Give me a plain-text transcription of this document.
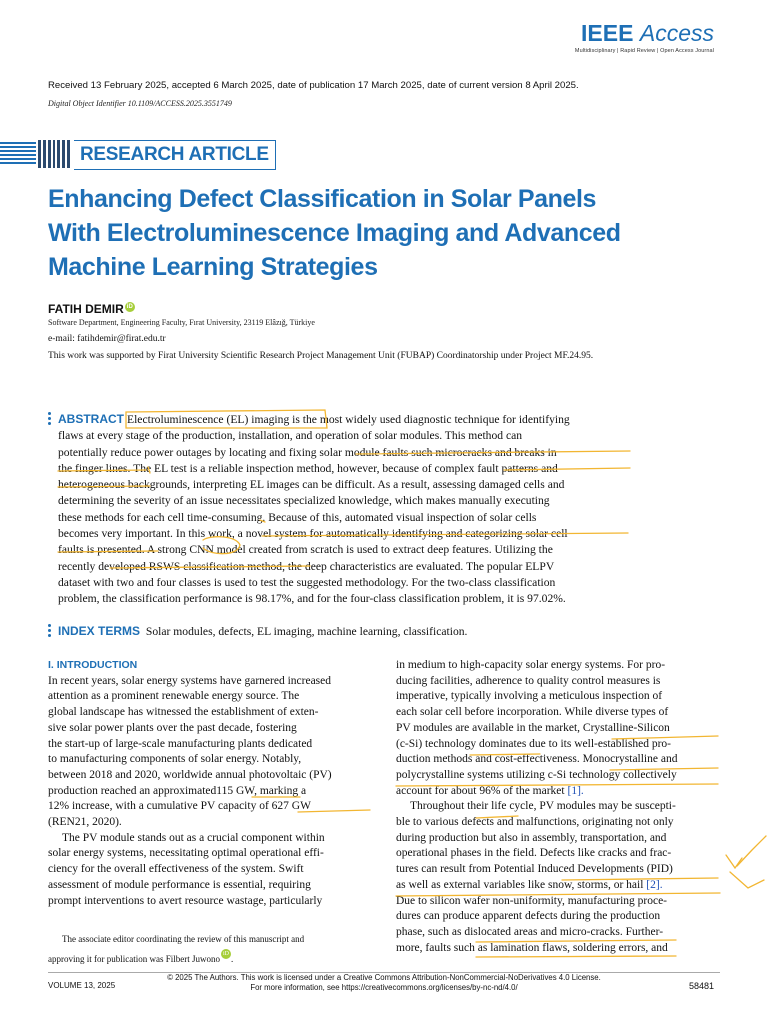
IEEE Access
Multidisciplinary | Rapid Review | Open Access Journal
Received 13 February 2025, accepted 6 March 2025, date of publication 17 March 2025, date of current version 8 April 2025.
Digital Object Identifier 10.1109/ACCESS.2025.3551749
RESEARCH ARTICLE
Enhancing Defect Classification in Solar Panels
With Electroluminescence Imaging and Advanced
Machine Learning Strategies
FATIH DEMIR iD
Software Department, Engineering Faculty, Fırat University, 23119 Elâzığ, Türkiye
e-mail: fatihdemir@firat.edu.tr
This work was supported by Firat University Scientific Research Project Management Unit (FUBAP) Coordinatorship under Project MF.24.95.
ABSTRACT Electroluminescence (EL) imaging is the most widely used diagnostic technique for identifying
flaws at every stage of the production, installation, and operation of solar modules. This method can
potentially reduce power outages by locating and fixing solar module faults such microcracks and breaks in
the finger lines. The EL test is a reliable inspection method, however, because of complex fault patterns and
heterogeneous backgrounds, interpreting EL images can be difficult. As a result, assessing damaged cells and
determining the severity of an issue necessitates specialized knowledge, which makes manually executing
these methods for each cell time-consuming. Because of this, automated visual inspection of solar cells
becomes very important. In this work, a novel system for automatically identifying and categorizing solar cell
faults is presented. A strong CNN model created from scratch is used to extract deep features. Utilizing the
recently developed RSWS classification method, the deep characteristics are evaluated. The popular ELPV
dataset with two and four classes is used to test the suggested methodology. For the two-class classification
problem, the classification performance is 98.17%, and for the four-class classification problem, it is 97.02%.
INDEX TERMS Solar modules, defects, EL imaging, machine learning, classification.
I. INTRODUCTION
In recent years, solar energy systems have garnered increased
attention as a prominent renewable energy source. The
global landscape has witnessed the establishment of exten-
sive solar power plants over the past decade, fostering
the start-up of large-scale manufacturing plants dedicated
to manufacturing components of solar energy. Notably,
between 2018 and 2020, worldwide annual photovoltaic (PV)
production reached an approximated115 GW, marking a
12% increase, with a cumulative PV capacity of 627 GW
(REN21, 2020).
The PV module stands out as a crucial component within
solar energy systems, necessitating optimal operational effi-
ciency for the overall effectiveness of the system. Swift
assessment of module performance is essential, requiring
prompt interventions to avert resource wastage, particularly
in medium to high-capacity solar energy systems. For pro-
ducing facilities, adherence to quality control measures is
imperative, typically involving a meticulous inspection of
each solar cell before incorporation. While diverse types of
PV modules are available in the market, Crystalline-Silicon
(c-Si) technology dominates due to its well-established pro-
duction methods and cost-effectiveness. Monocrystalline and
polycrystalline systems utilizing c-Si technology collectively
account for about 96% of the market [1].
Throughout their life cycle, PV modules may be suscepti-
ble to various defects and malfunctions, originating not only
during production but also in assembly, transportation, and
operational phases in the field. Defects like cracks and frac-
tures can result from Potential Induced Developments (PID)
as well as external variables like snow, storms, or hail [2].
Due to silicon wafer non-uniformity, manufacturing proce-
dures can produce apparent defects during the production
phase, such as dislocated areas and micro-cracks. Further-
more, faults such as lamination flaws, soldering errors, and
The associate editor coordinating the review of this manuscript and
approving it for publication was Filbert Juwono iD .
VOLUME 13, 2025
© 2025 The Authors. This work is licensed under a Creative Commons Attribution-NonCommercial-NoDerivatives 4.0 License.
For more information, see https://creativecommons.org/licenses/by-nc-nd/4.0/	58481
